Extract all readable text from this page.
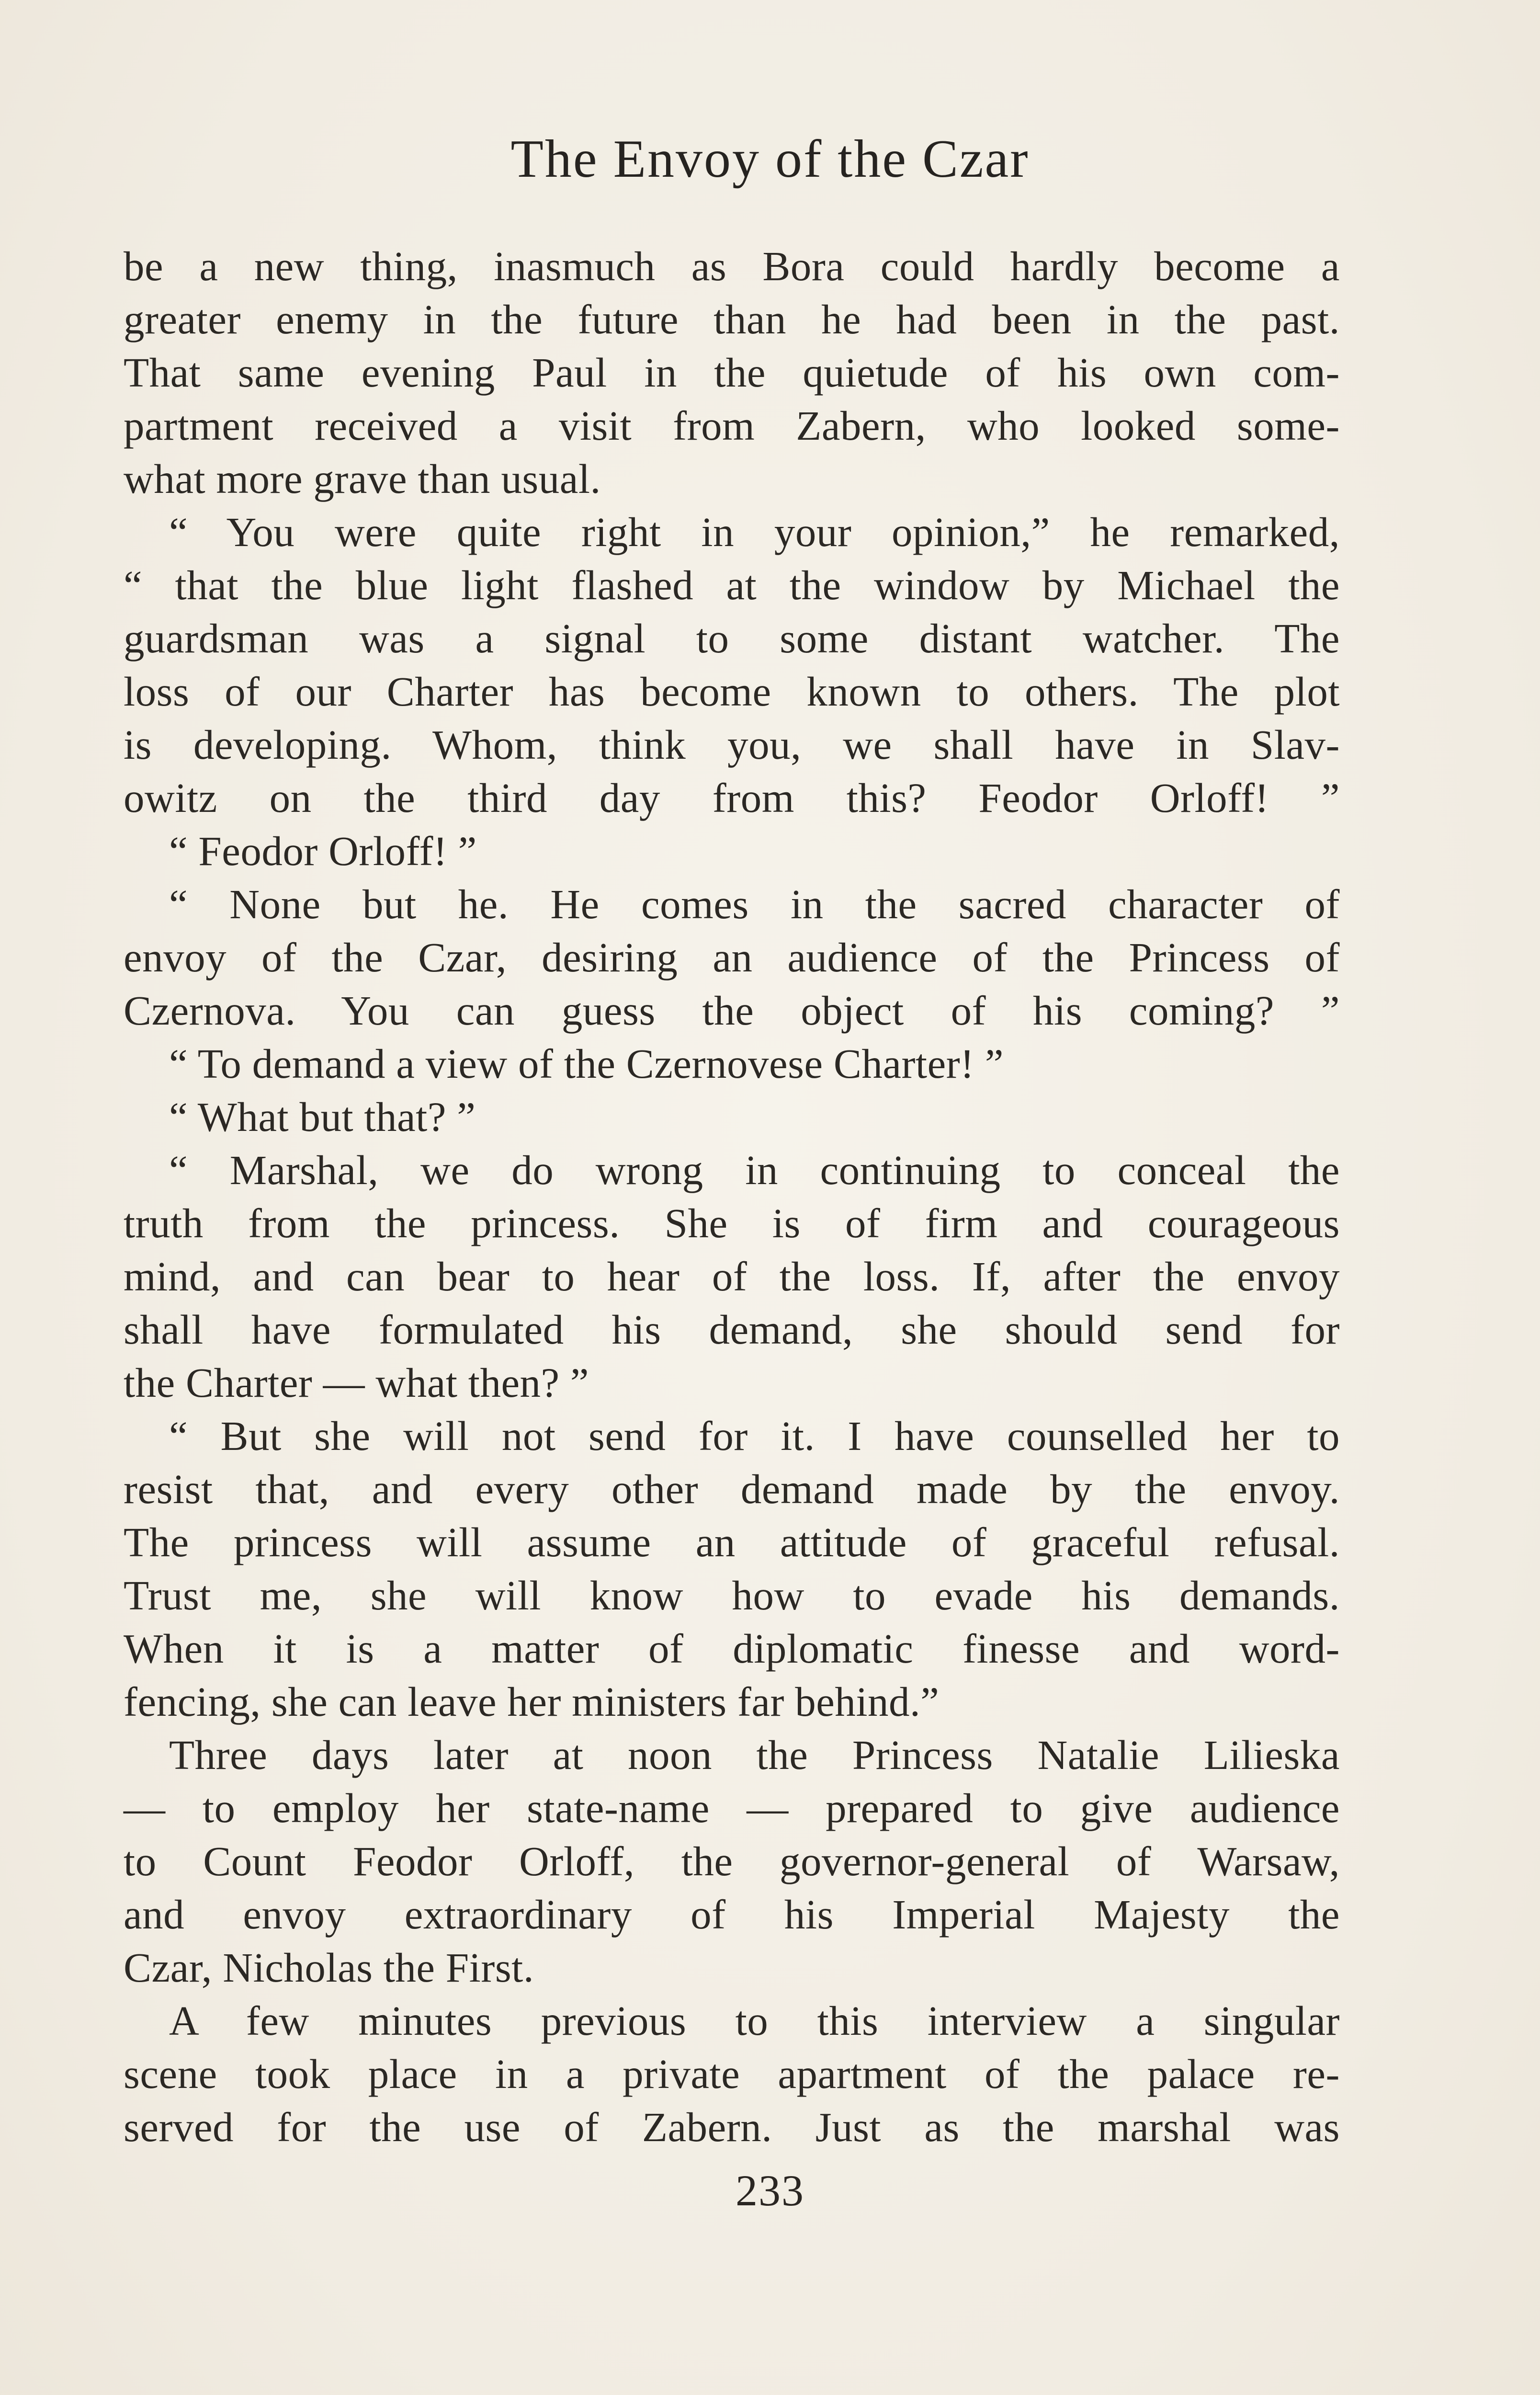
The Envoy of the Czar
be a new thing, inasmuch as Bora could hardly become a
greater enemy in the future than he had been in the past.
That same evening Paul in the quietude of his own com-
partment received a visit from Zabern, who looked some-
what more grave than usual.
“ You were quite right in your opinion,” he remarked,
“ that the blue light flashed at the window by Michael the
guardsman was a signal to some distant watcher. The
loss of our Charter has become known to others. The plot
is developing. Whom, think you, we shall have in Slav-
owitz on the third day from this? Feodor Orloff! ”
“ Feodor Orloff! ”
“ None but he. He comes in the sacred character of
envoy of the Czar, desiring an audience of the Princess of
Czernova. You can guess the object of his coming? ”
“ To demand a view of the Czernovese Charter! ”
“ What but that? ”
“ Marshal, we do wrong in continuing to conceal the
truth from the princess. She is of firm and courageous
mind, and can bear to hear of the loss. If, after the envoy
shall have formulated his demand, she should send for
the Charter — what then? ”
“ But she will not send for it. I have counselled her to
resist that, and every other demand made by the envoy.
The princess will assume an attitude of graceful refusal.
Trust me, she will know how to evade his demands.
When it is a matter of diplomatic finesse and word-
fencing, she can leave her ministers far behind.”
Three days later at noon the Princess Natalie Lilieska
— to employ her state-name — prepared to give audience
to Count Feodor Orloff, the governor-general of Warsaw,
and envoy extraordinary of his Imperial Majesty the
Czar, Nicholas the First.
A few minutes previous to this interview a singular
scene took place in a private apartment of the palace re-
served for the use of Zabern. Just as the marshal was
233
